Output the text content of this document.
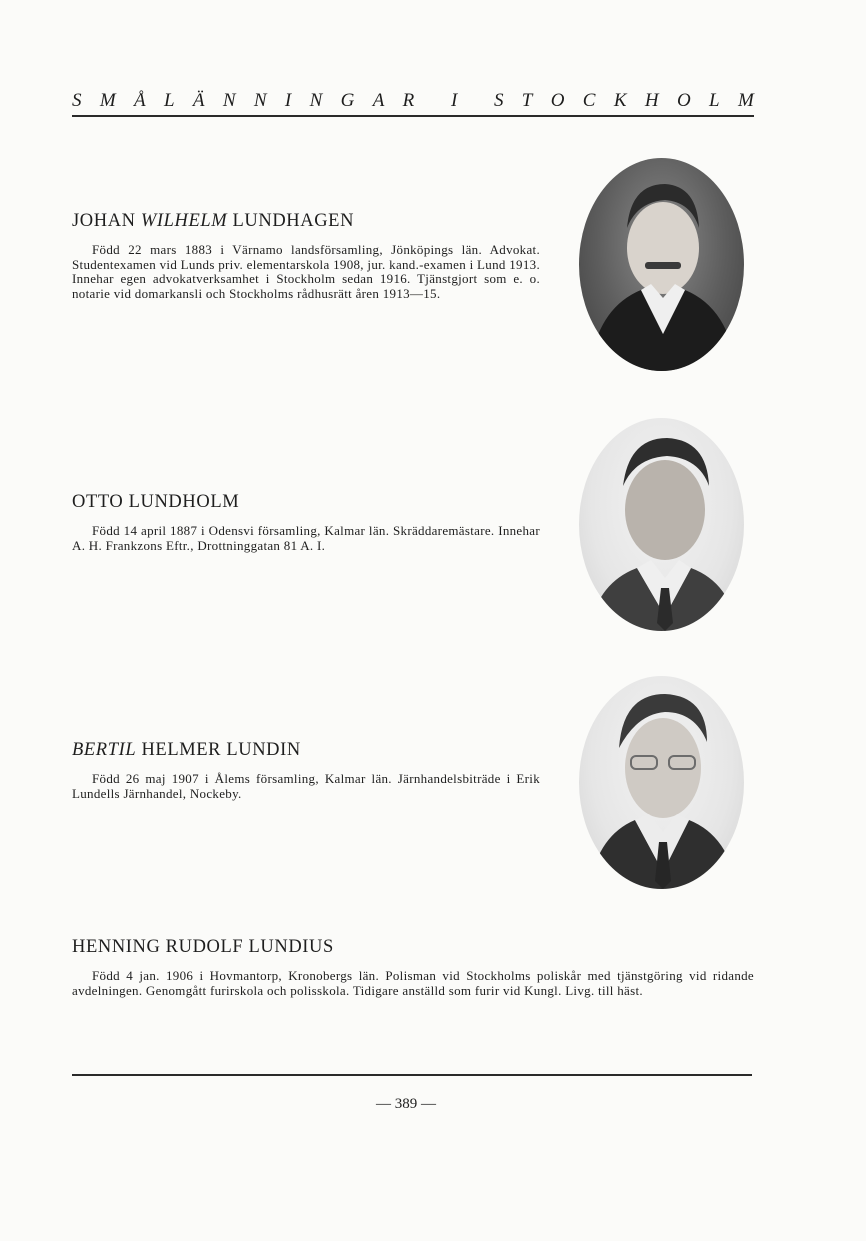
S M Å L Ä N N I N G A R I S T O C K H O L M
JOHAN WILHELM LUNDHAGEN

Född 22 mars 1883 i Värnamo landsförsamling, Jönköpings län. Advokat. Studentexamen vid Lunds priv. elementarskola 1908, jur. kand.-examen i Lund 1913. Innehar egen advokatverksamhet i Stockholm sedan 1916. Tjänstgjort som e. o. notarie vid domarkansli och Stockholms rådhusrätt åren 1913—15.

OTTO LUNDHOLM

Född 14 april 1887 i Odensvi församling, Kalmar län. Skräddaremästare. Innehar A. H. Frankzons Eftr., Drottninggatan 81 A. I.

BERTIL HELMER LUNDIN

Född 26 maj 1907 i Ålems församling, Kalmar län. Järnhandelsbiträde i Erik Lundells Järnhandel, Nockeby.

HENNING RUDOLF LUNDIUS

Född 4 jan. 1906 i Hovmantorp, Kronobergs län. Polisman vid Stockholms poliskår med tjänstgöring vid ridande avdelningen. Genomgått furirskola och polisskola. Tidigare anställd som furir vid Kungl. Livg. till häst.

— 389 —
